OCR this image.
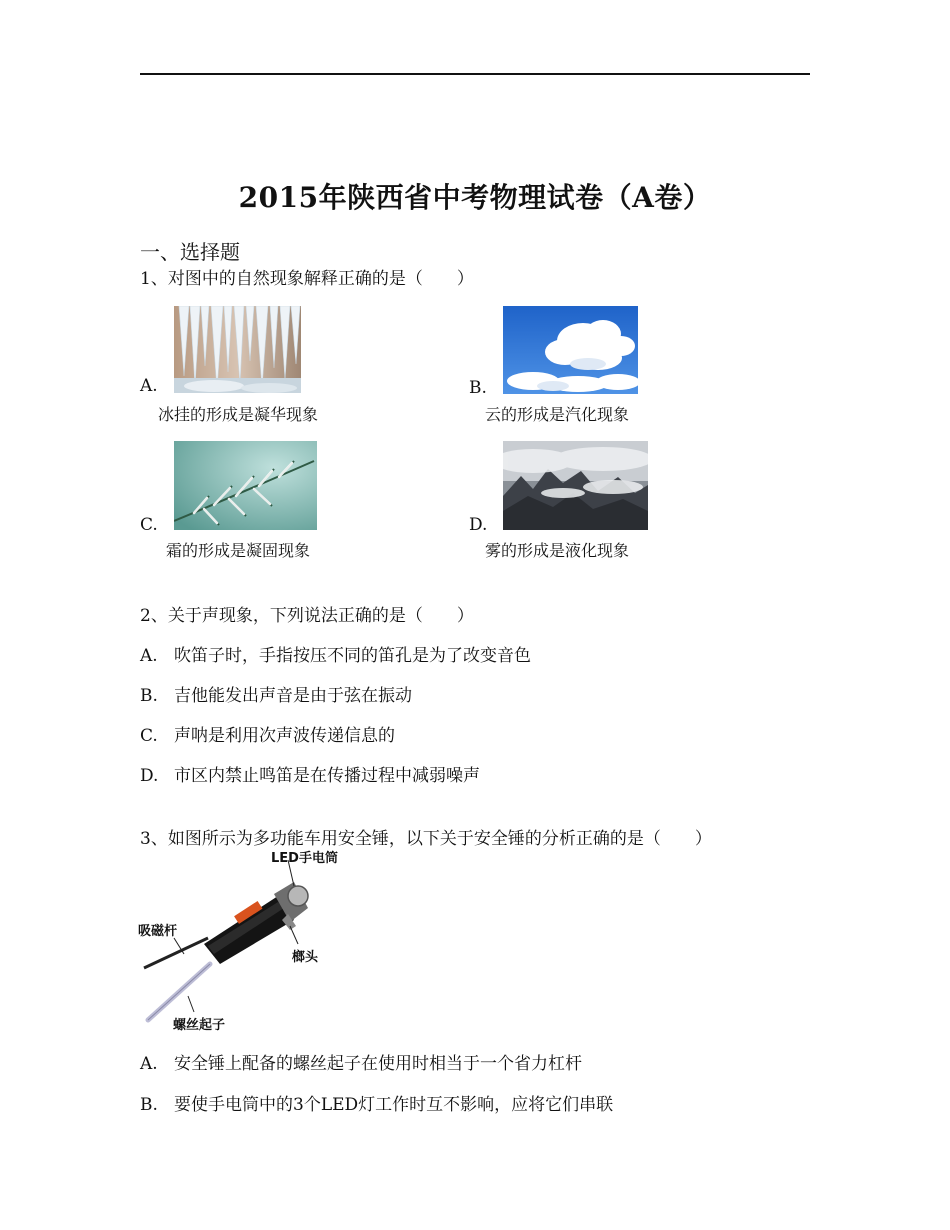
2015年陕西省中考物理试卷（A卷）
一、选择题
1、对图中的自然现象解释正确的是（　　）
A.
冰挂的形成是凝华现象
B.
云的形成是汽化现象
C.
霜的形成是凝固现象
D.
雾的形成是液化现象
2、关于声现象，下列说法正确的是（　　）
A. 吹笛子时，手指按压不同的笛孔是为了改变音色
B. 吉他能发出声音是由于弦在振动
C. 声呐是利用次声波传递信息的
D. 市区内禁止鸣笛是在传播过程中减弱噪声
3、如图所示为多功能车用安全锤，以下关于安全锤的分析正确的是（　　）
LED手电筒
吸磁杆
榔头
螺丝起子
A. 安全锤上配备的螺丝起子在使用时相当于一个省力杠杆
B. 要使手电筒中的3个LED灯工作时互不影响，应将它们串联
